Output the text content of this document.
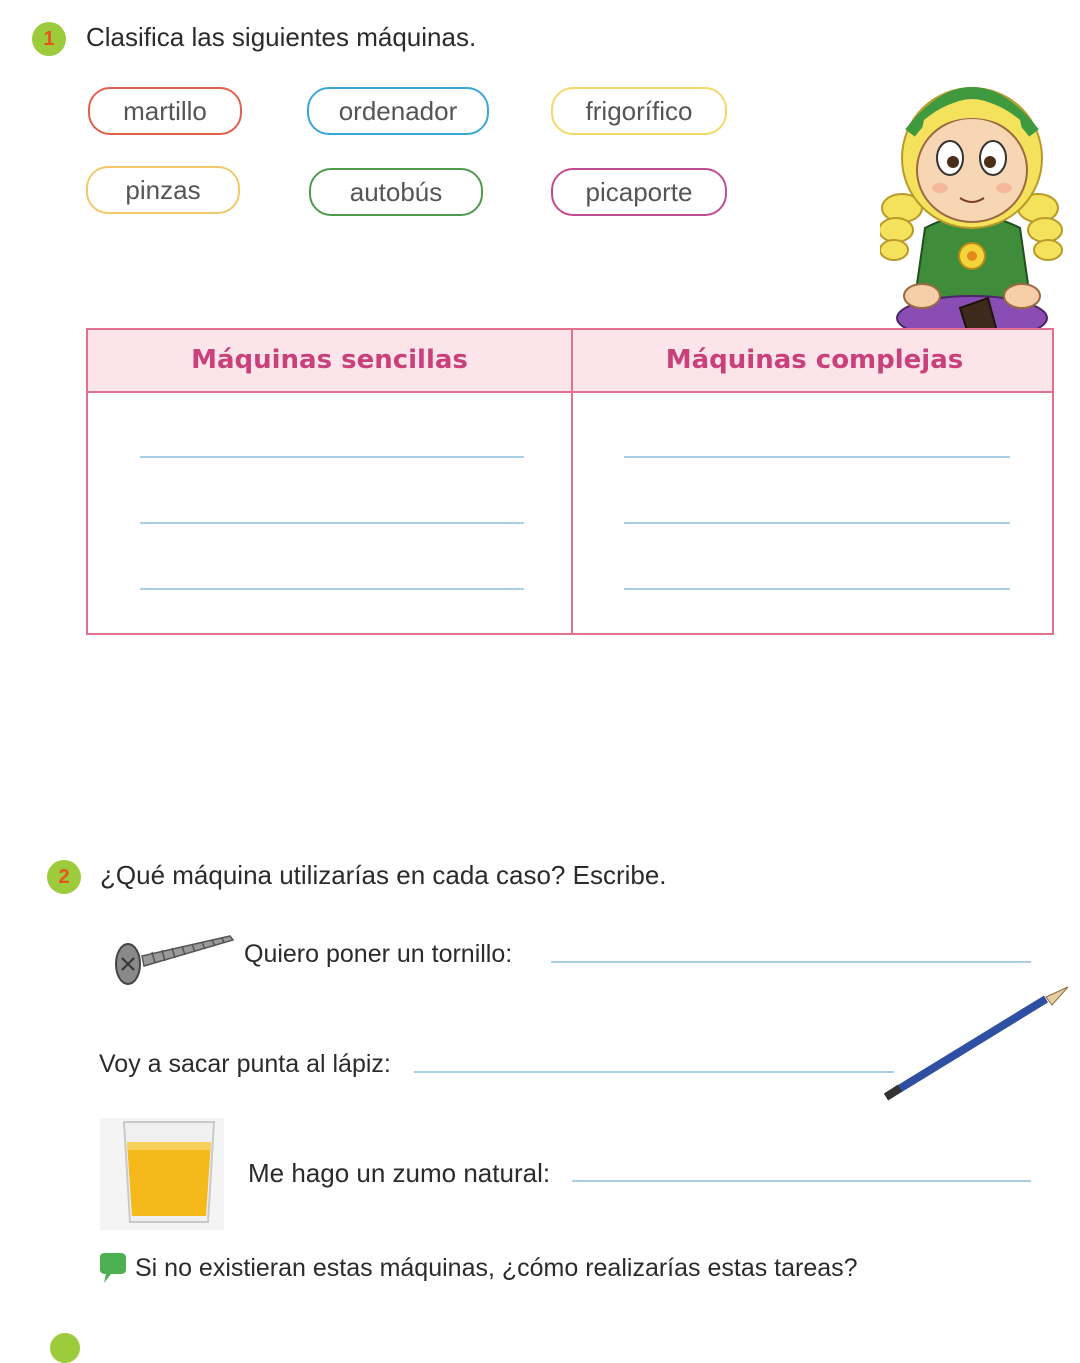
1	Clasifica las siguientes máquinas.
martillo	ordenador	frigorífico
pinzas	autobús	picaporte
Máquinas sencillas	Máquinas complejas
2	¿Qué máquina utilizarías en cada caso? Escribe.
Quiero poner un tornillo:
Voy a sacar punta al lápiz:
Me hago un zumo natural:
Si no existieran estas máquinas, ¿cómo realizarías estas tareas?
